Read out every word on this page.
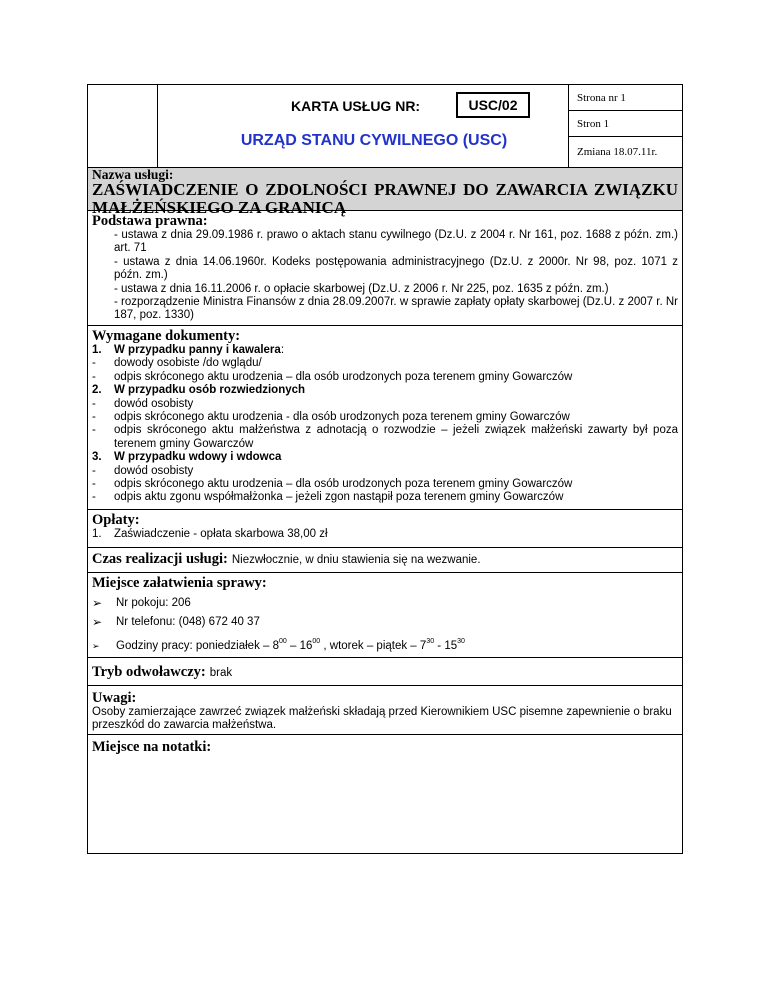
KARTA USŁUG NR:	USC/02
URZĄD STANU CYWILNEGO (USC)
Strona nr 1
Stron 1
Zmiana 18.07.11r.
Nazwa usługi:
ZAŚWIADCZENIE O ZDOLNOŚCI PRAWNEJ DO ZAWARCIA ZWIĄZKU MAŁŻEŃSKIEGO ZA GRANICĄ
Podstawa prawna:
- ustawa z dnia 29.09.1986 r. prawo o aktach stanu cywilnego (Dz.U. z 2004 r. Nr 161, poz. 1688 z późn. zm.) art. 71
- ustawa z dnia 14.06.1960r. Kodeks postępowania administracyjnego (Dz.U. z 2000r. Nr 98, poz. 1071 z późn. zm.)
- ustawa z dnia 16.11.2006 r. o opłacie skarbowej (Dz.U. z 2006 r. Nr 225, poz. 1635 z późn. zm.)
- rozporządzenie Ministra Finansów z dnia 28.09.2007r. w sprawie zapłaty opłaty skarbowej (Dz.U. z 2007 r. Nr 187, poz. 1330)
Wymagane dokumenty:
1.	W przypadku panny i kawalera:
-	dowody osobiste /do wglądu/
-	odpis skróconego aktu urodzenia – dla osób urodzonych poza terenem gminy Gowarczów
2.	W przypadku osób rozwiedzionych
-	dowód osobisty
-	odpis skróconego aktu urodzenia - dla osób urodzonych poza terenem gminy Gowarczów
-	odpis skróconego aktu małżeństwa z adnotacją o rozwodzie – jeżeli związek małżeński zawarty był poza terenem gminy Gowarczów
3.	W przypadku wdowy i wdowca
-	dowód osobisty
-	odpis skróconego aktu urodzenia – dla osób urodzonych poza terenem gminy Gowarczów
-	odpis aktu zgonu współmałżonka – jeżeli zgon nastąpił poza terenem gminy Gowarczów
Opłaty:
1.	Zaświadczenie - opłata skarbowa 38,00 zł
Czas realizacji usługi: Niezwłocznie, w dniu stawienia się na wezwanie.
Miejsce załatwienia sprawy:
➢	Nr pokoju: 206
➢	Nr telefonu: (048) 672 40 37
➢	Godziny pracy: poniedziałek – $8^{00} - 16^{00}$ , wtorek – piątek – $7^{30} - 15^{30}$
Tryb odwoławczy: brak
Uwagi:
Osoby zamierzające zawrzeć związek małżeński składają przed Kierownikiem USC pisemne zapewnienie o braku przeszkód do zawarcia małżeństwa.
Miejsce na notatki:
